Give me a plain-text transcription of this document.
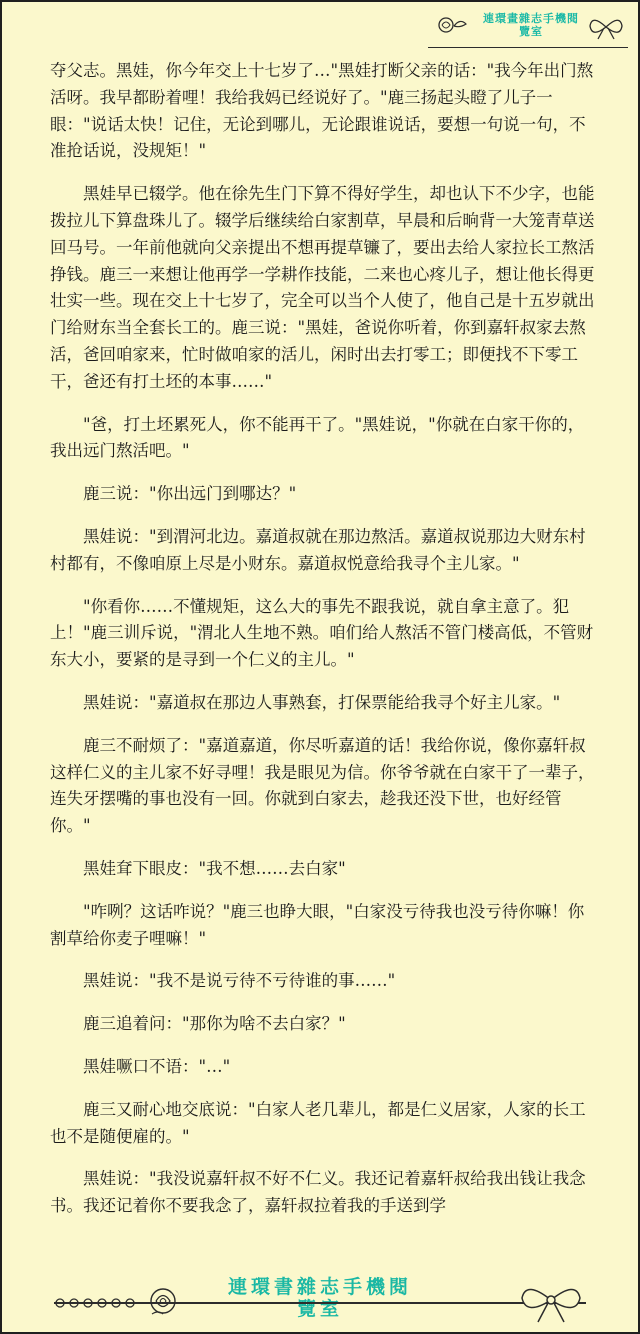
連環畫雜志手機閱
覽室

夺父志。黑娃，你今年交上十七岁了…"黑娃打断父亲的话："我今年出门熬活呀。我早都盼着哩！我给我妈已经说好了。"鹿三扬起头瞪了儿子一眼："说话太快！记住，无论到哪儿，无论跟谁说话，要想一句说一句，不准抢话说，没规矩！"

黑娃早已辍学。他在徐先生门下算不得好学生，却也认下不少字，也能拨拉儿下算盘珠儿了。辍学后继续给白家割草，早晨和后晌背一大笼青草送回马号。一年前他就向父亲提出不想再提草镰了，要出去给人家拉长工熬活挣钱。鹿三一来想让他再学一学耕作技能，二来也心疼儿子，想让他长得更壮实一些。现在交上十七岁了，完全可以当个人使了，他自己是十五岁就出门给财东当全套长工的。鹿三说："黑娃，爸说你听着，你到嘉轩叔家去熬活，爸回咱家来，忙时做咱家的活儿，闲时出去打零工；即便找不下零工干，爸还有打土坯的本事……"

"爸，打土坯累死人，你不能再干了。"黑娃说，"你就在白家干你的，我出远门熬活吧。"

鹿三说："你出远门到哪达？"

黑娃说："到渭河北边。嘉道叔就在那边熬活。嘉道叔说那边大财东村村都有，不像咱原上尽是小财东。嘉道叔悦意给我寻个主儿家。"

"你看你……不懂规矩，这么大的事先不跟我说，就自拿主意了。犯上！"鹿三训斥说，"渭北人生地不熟。咱们给人熬活不管门楼高低，不管财东大小，要紧的是寻到一个仁义的主儿。"

黑娃说："嘉道叔在那边人事熟套，打保票能给我寻个好主儿家。"

鹿三不耐烦了："嘉道嘉道，你尽听嘉道的话！我给你说，像你嘉轩叔这样仁义的主儿家不好寻哩！我是眼见为信。你爷爷就在白家干了一辈子，连失牙摆嘴的事也没有一回。你就到白家去，趁我还没下世，也好经管你。"

黑娃耷下眼皮："我不想……去白家"

"咋咧？这话咋说？"鹿三也睁大眼，"白家没亏待我也没亏待你嘛！你割草给你麦子哩嘛！"

黑娃说："我不是说亏待不亏待谁的事……"

鹿三追着问："那你为啥不去白家？"

黑娃噘口不语："…"

鹿三又耐心地交底说："白家人老几辈儿，都是仁义居家，人家的长工也不是随便雇的。"

黑娃说："我没说嘉轩叔不好不仁义。我还记着嘉轩叔给我出钱让我念书。我还记着你不要我念了，嘉轩叔拉着我的手送到学

連環書雜志手機閱
覽室
